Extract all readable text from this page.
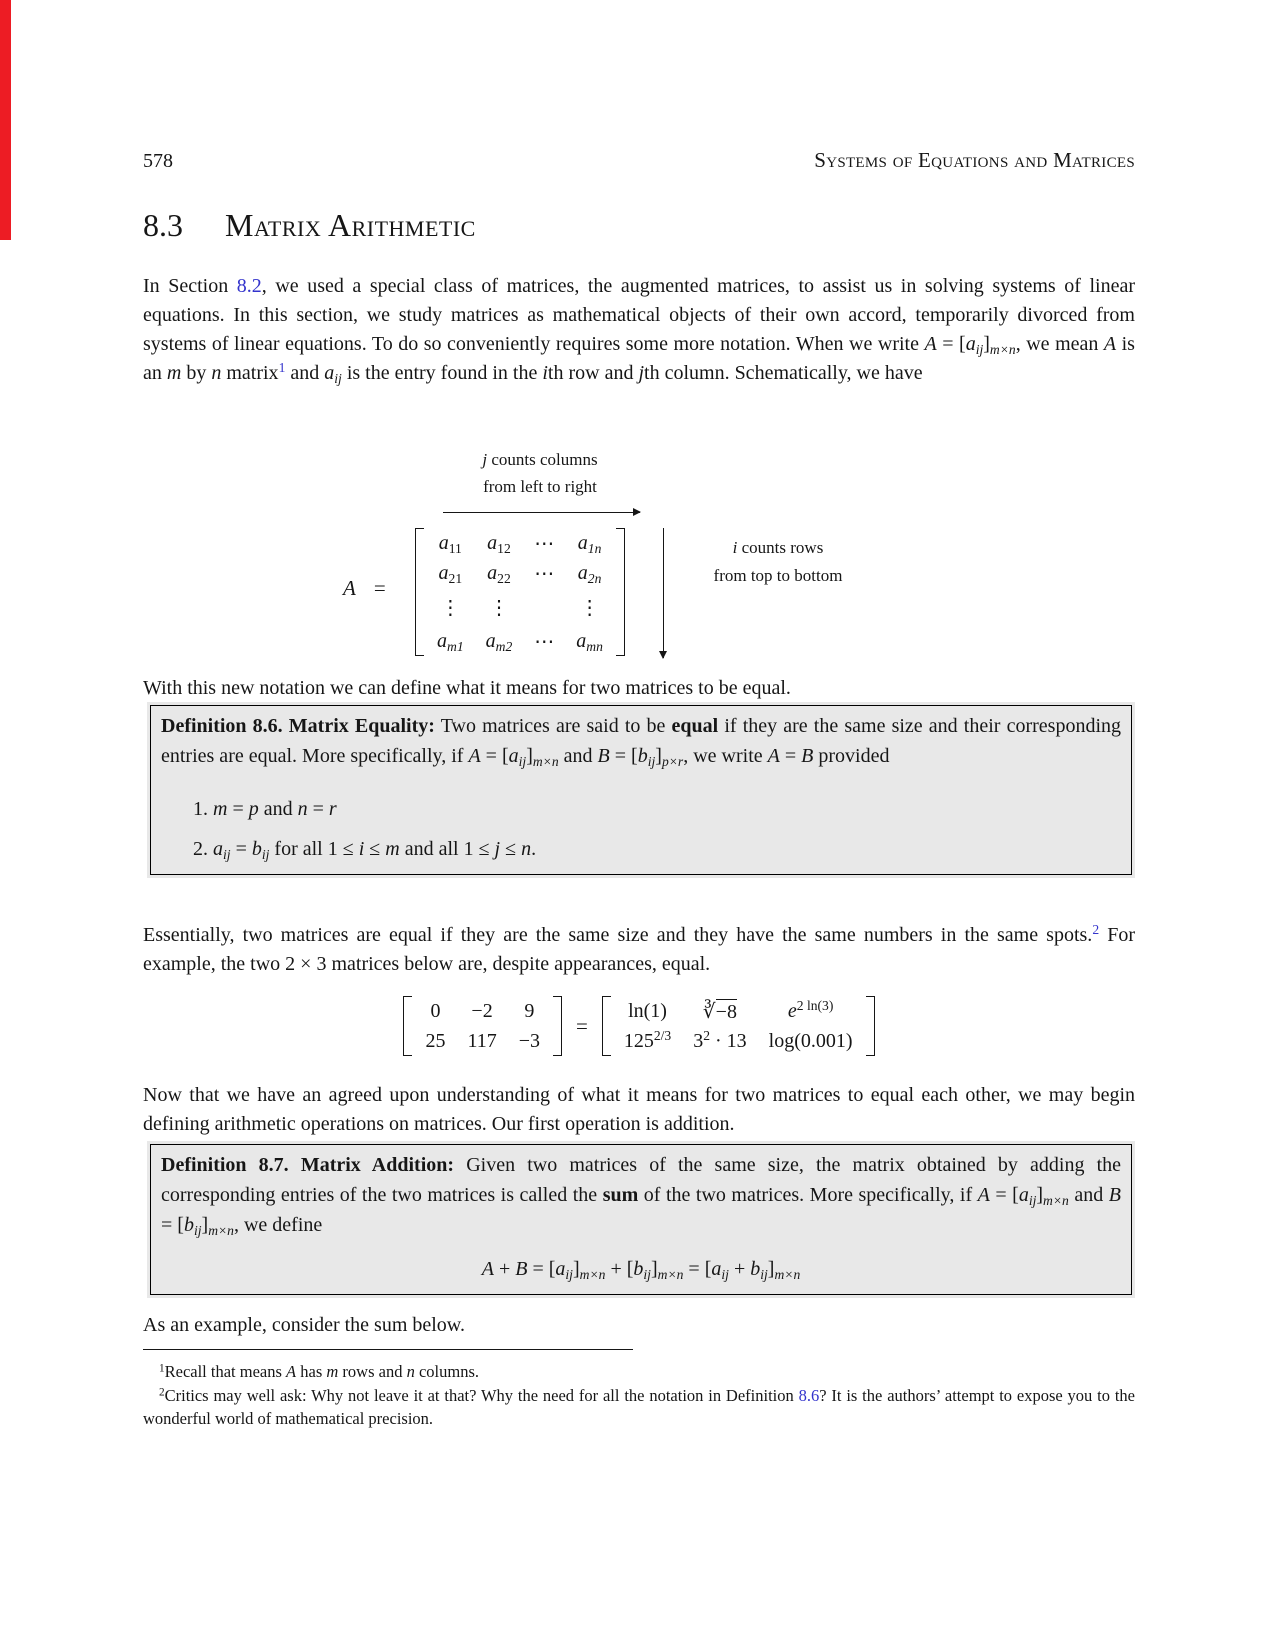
578	Systems of Equations and Matrices
8.3 Matrix Arithmetic

In Section 8.2, we used a special class of matrices, the augmented matrices, to assist us in solving systems of linear equations. In this section, we study matrices as mathematical objects of their own accord, temporarily divorced from systems of linear equations. To do so conveniently requires some more notation. When we write A = [aij]m×n, we mean A is an m by n matrix$^1$ and aij is the entry found in the ith row and jth column. Schematically, we have

j counts columns
from left to right
A =
a11	a12	⋯	a1n
a21	a22	⋯	a2n
⋮	⋮		⋮
am1	am2	⋯	amn
i counts rows
from top to bottom

With this new notation we can define what it means for two matrices to be equal.

Definition 8.6. Matrix Equality: Two matrices are said to be equal if they are the same size and their corresponding entries are equal. More specifically, if A = [aij]m×n and B = [bij]p×r, we write A = B provided

1. m = p and n = r

2. aij = bij for all 1 ≤ i ≤ m and all 1 ≤ j ≤ n.

Essentially, two matrices are equal if they are the same size and they have the same numbers in the same spots.$^2$ For example, the two 2 × 3 matrices below are, despite appearances, equal.

0	−2	9
25	117	−3
=
ln(1)	∛−8	$e^{2 ln(3)}$
$125^{2/3}$	$3^2 \cdot 13$	log(0.001)

Now that we have an agreed upon understanding of what it means for two matrices to equal each other, we may begin defining arithmetic operations on matrices. Our first operation is addition.

Definition 8.7. Matrix Addition: Given two matrices of the same size, the matrix obtained by adding the corresponding entries of the two matrices is called the sum of the two matrices. More specifically, if A = [aij]m×n and B = [bij]m×n, we define

A + B = [aij]m×n + [bij]m×n = [aij + bij]m×n

As an example, consider the sum below.

$^1$Recall that means A has m rows and n columns.

$^2$Critics may well ask: Why not leave it at that? Why the need for all the notation in Definition 8.6? It is the authors’ attempt to expose you to the wonderful world of mathematical precision.
